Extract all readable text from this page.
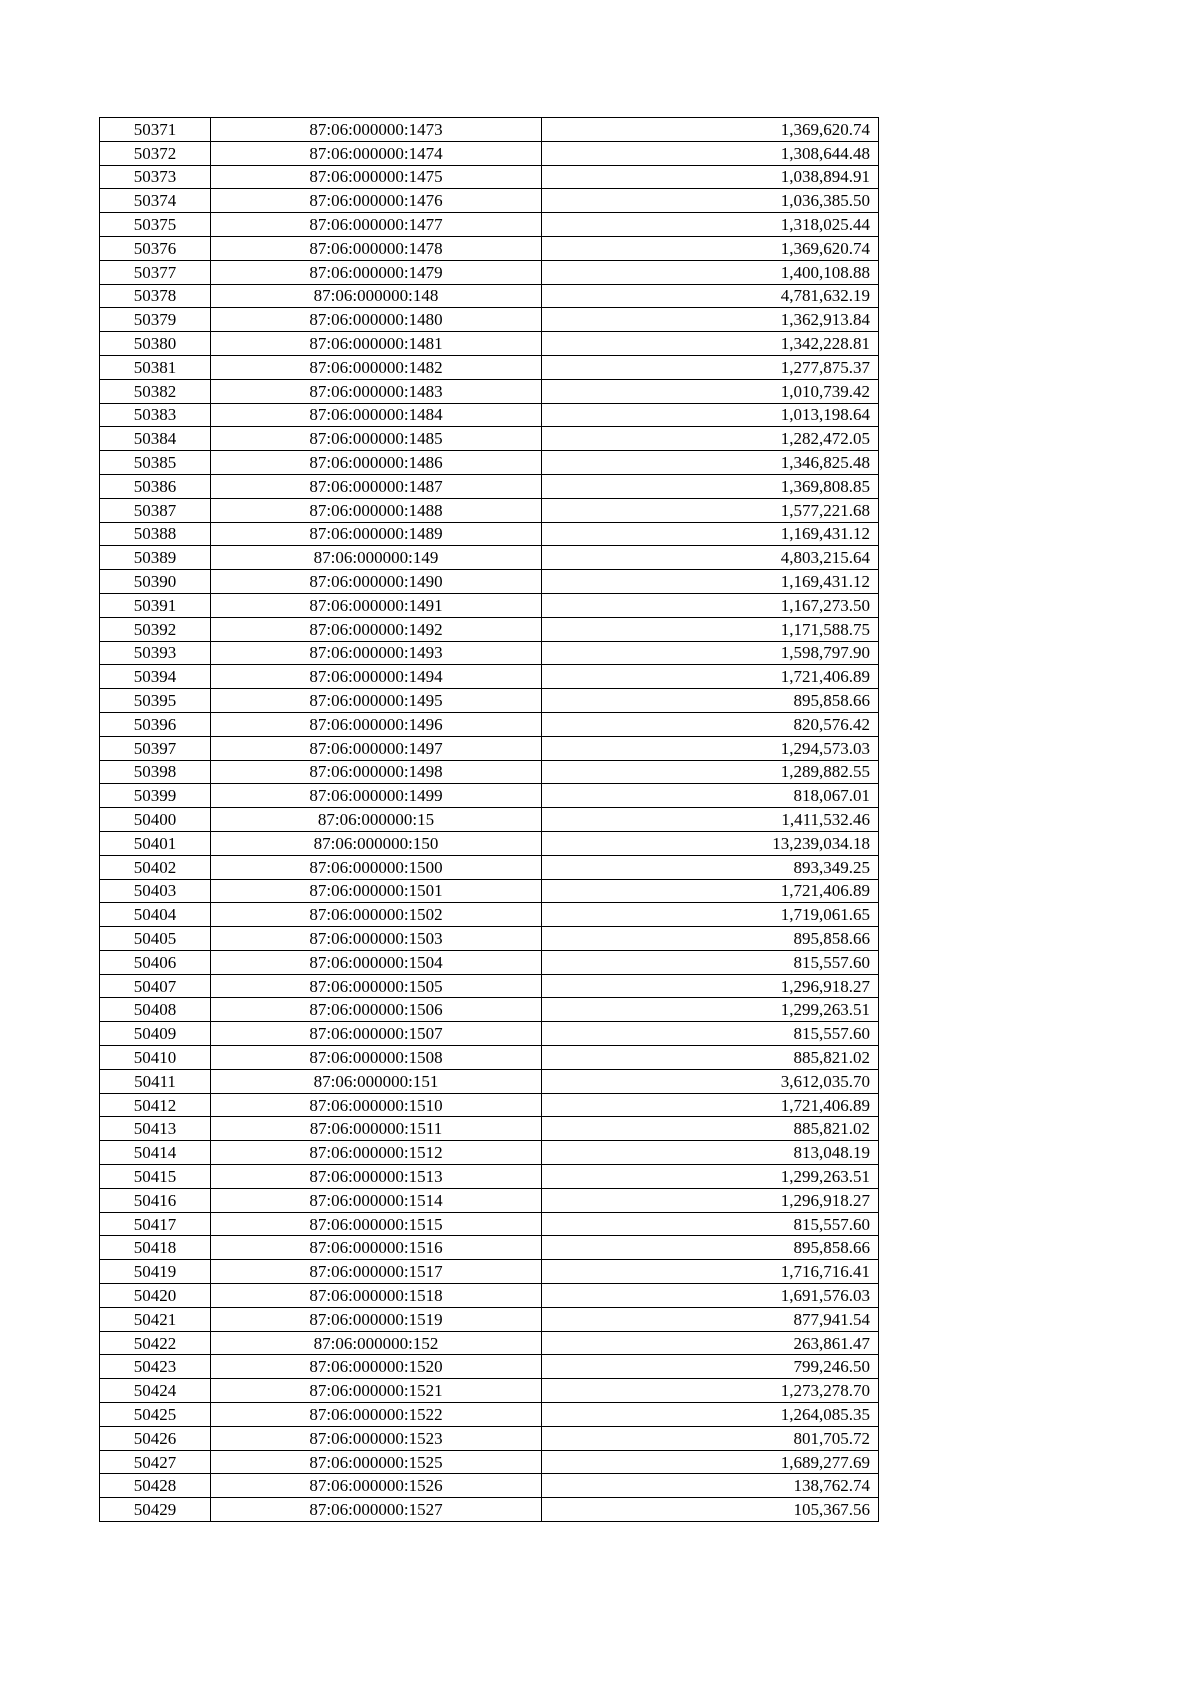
50371	87:06:000000:1473	1,369,620.74
50372	87:06:000000:1474	1,308,644.48
50373	87:06:000000:1475	1,038,894.91
50374	87:06:000000:1476	1,036,385.50
50375	87:06:000000:1477	1,318,025.44
50376	87:06:000000:1478	1,369,620.74
50377	87:06:000000:1479	1,400,108.88
50378	87:06:000000:148	4,781,632.19
50379	87:06:000000:1480	1,362,913.84
50380	87:06:000000:1481	1,342,228.81
50381	87:06:000000:1482	1,277,875.37
50382	87:06:000000:1483	1,010,739.42
50383	87:06:000000:1484	1,013,198.64
50384	87:06:000000:1485	1,282,472.05
50385	87:06:000000:1486	1,346,825.48
50386	87:06:000000:1487	1,369,808.85
50387	87:06:000000:1488	1,577,221.68
50388	87:06:000000:1489	1,169,431.12
50389	87:06:000000:149	4,803,215.64
50390	87:06:000000:1490	1,169,431.12
50391	87:06:000000:1491	1,167,273.50
50392	87:06:000000:1492	1,171,588.75
50393	87:06:000000:1493	1,598,797.90
50394	87:06:000000:1494	1,721,406.89
50395	87:06:000000:1495	895,858.66
50396	87:06:000000:1496	820,576.42
50397	87:06:000000:1497	1,294,573.03
50398	87:06:000000:1498	1,289,882.55
50399	87:06:000000:1499	818,067.01
50400	87:06:000000:15	1,411,532.46
50401	87:06:000000:150	13,239,034.18
50402	87:06:000000:1500	893,349.25
50403	87:06:000000:1501	1,721,406.89
50404	87:06:000000:1502	1,719,061.65
50405	87:06:000000:1503	895,858.66
50406	87:06:000000:1504	815,557.60
50407	87:06:000000:1505	1,296,918.27
50408	87:06:000000:1506	1,299,263.51
50409	87:06:000000:1507	815,557.60
50410	87:06:000000:1508	885,821.02
50411	87:06:000000:151	3,612,035.70
50412	87:06:000000:1510	1,721,406.89
50413	87:06:000000:1511	885,821.02
50414	87:06:000000:1512	813,048.19
50415	87:06:000000:1513	1,299,263.51
50416	87:06:000000:1514	1,296,918.27
50417	87:06:000000:1515	815,557.60
50418	87:06:000000:1516	895,858.66
50419	87:06:000000:1517	1,716,716.41
50420	87:06:000000:1518	1,691,576.03
50421	87:06:000000:1519	877,941.54
50422	87:06:000000:152	263,861.47
50423	87:06:000000:1520	799,246.50
50424	87:06:000000:1521	1,273,278.70
50425	87:06:000000:1522	1,264,085.35
50426	87:06:000000:1523	801,705.72
50427	87:06:000000:1525	1,689,277.69
50428	87:06:000000:1526	138,762.74
50429	87:06:000000:1527	105,367.56
